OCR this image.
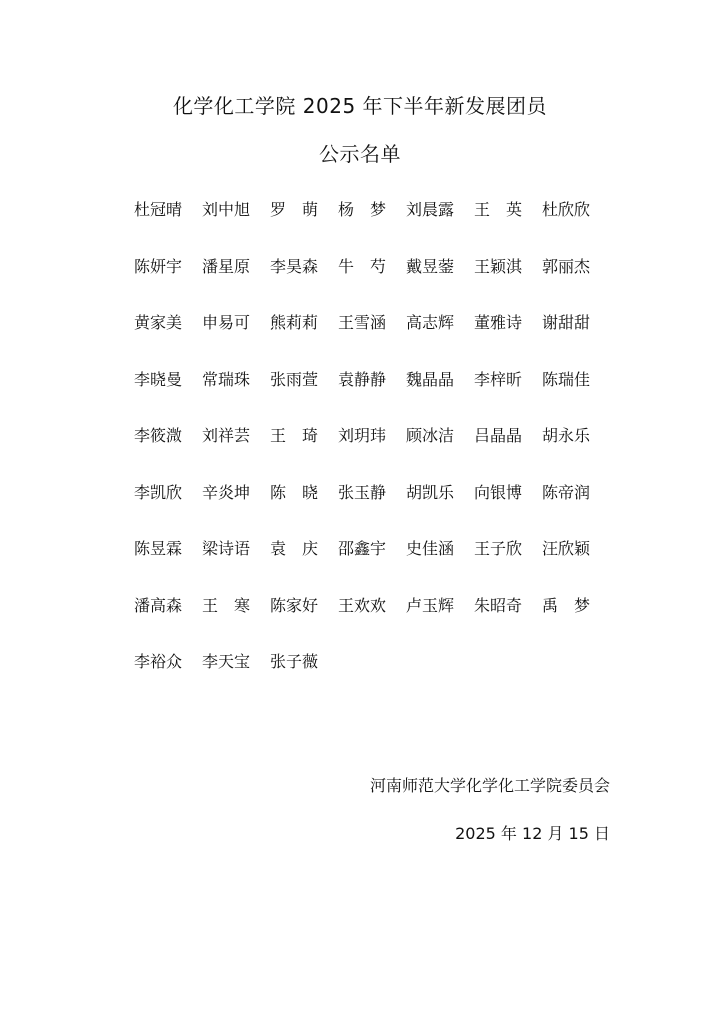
化学化工学院 2025 年下半年新发展团员
公示名单
杜冠晴	刘中旭	罗　萌	杨　梦	刘晨露	王　英	杜欣欣
陈妍宇	潘星原	李昊森	牛　芍	戴昱蓥	王颖淇	郭丽杰
黄家美	申易可	熊莉莉	王雪涵	高志辉	董雅诗	谢甜甜
李晓曼	常瑞珠	张雨萱	袁静静	魏晶晶	李梓昕	陈瑞佳
李筱溦	刘祥芸	王　琦	刘玥玮	顾冰洁	吕晶晶	胡永乐
李凯欣	辛炎坤	陈　晓	张玉静	胡凯乐	向银博	陈帝润
陈昱霖	梁诗语	袁　庆	邵鑫宇	史佳涵	王子欣	汪欣颖
潘高森	王　寒	陈家好	王欢欢	卢玉辉	朱昭奇	禹　梦
李裕众	李天宝	张子薇
河南师范大学化学化工学院委员会
2025 年 12 月 15 日
